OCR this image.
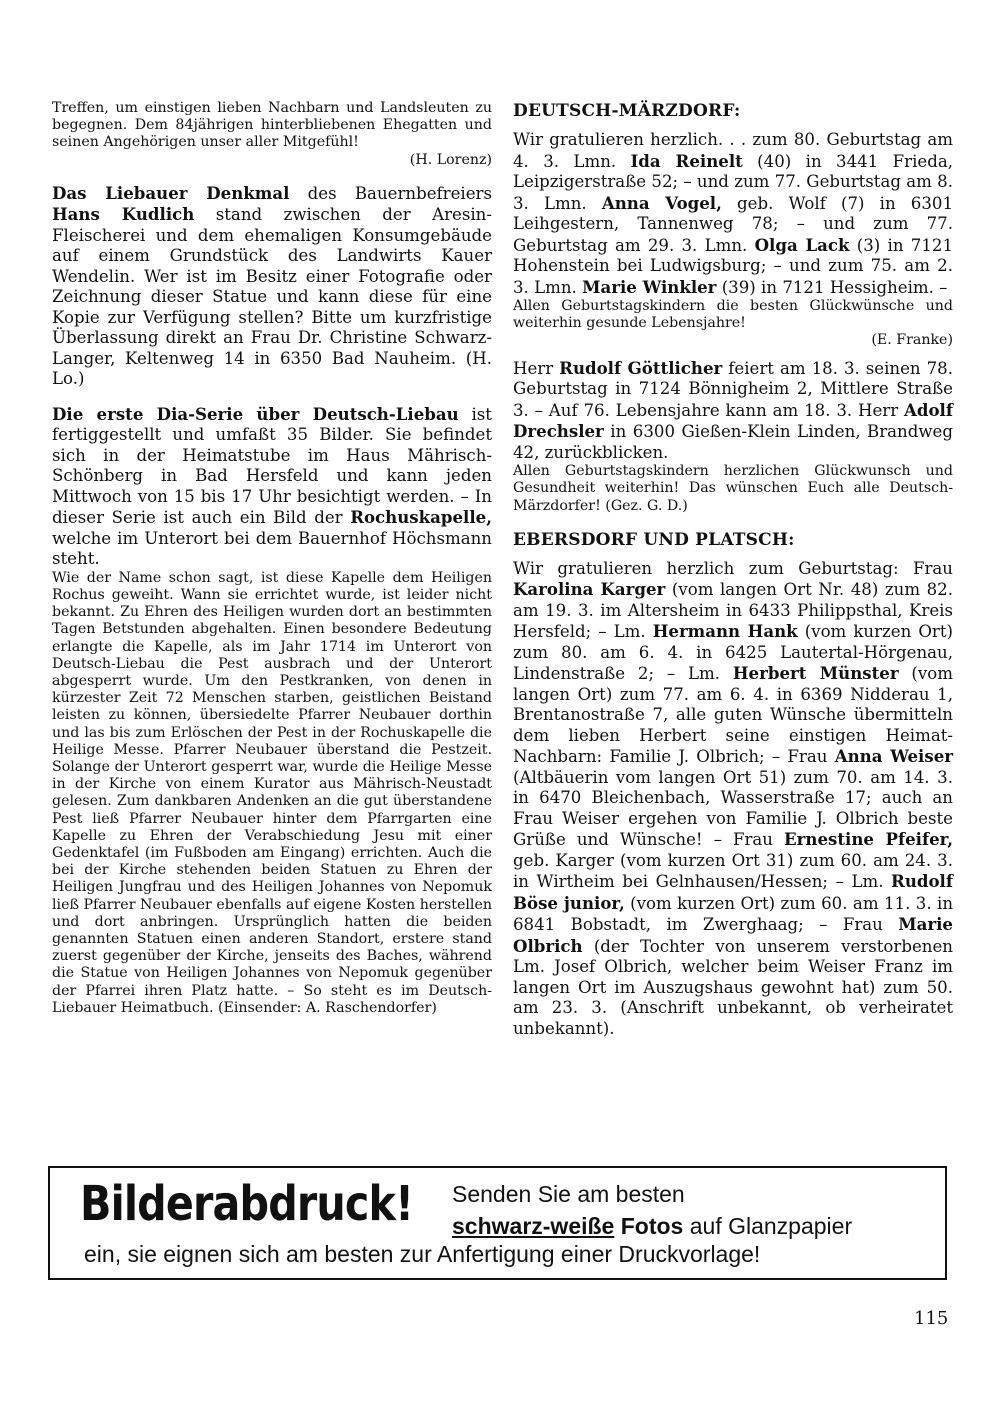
Treffen, um einstigen lieben Nachbarn und Landsleuten zu begegnen. Dem 84jährigen hinterbliebenen Ehegatten und seinen Angehörigen unser aller Mitgefühl!

(H. Lorenz)

Das Liebauer Denkmal des Bauernbefreiers Hans Kudlich stand zwischen der Aresin-Fleischerei und dem ehemaligen Konsumgebäude auf einem Grundstück des Landwirts Kauer Wendelin. Wer ist im Besitz einer Fotografie oder Zeichnung dieser Statue und kann diese für eine Kopie zur Verfügung stellen? Bitte um kurzfristige Überlassung direkt an Frau Dr. Christine Schwarz-Langer, Keltenweg 14 in 6350 Bad Nauheim. (H. Lo.)

Die erste Dia-Serie über Deutsch-Liebau ist fertiggestellt und umfaßt 35 Bilder. Sie befindet sich in der Heimatstube im Haus Mährisch-Schönberg in Bad Hersfeld und kann jeden Mittwoch von 15 bis 17 Uhr besichtigt werden. – In dieser Serie ist auch ein Bild der Rochuskapelle, welche im Unterort bei dem Bauernhof Höchsmann steht.

Wie der Name schon sagt, ist diese Kapelle dem Heiligen Rochus geweiht. Wann sie errichtet wurde, ist leider nicht bekannt. Zu Ehren des Heiligen wurden dort an bestimmten Tagen Betstunden abgehalten. Einen besondere Bedeutung erlangte die Kapelle, als im Jahr 1714 im Unterort von Deutsch-Liebau die Pest ausbrach und der Unterort abgesperrt wurde. Um den Pestkranken, von denen in kürzester Zeit 72 Menschen starben, geistlichen Beistand leisten zu können, übersiedelte Pfarrer Neubauer dorthin und las bis zum Erlöschen der Pest in der Rochuskapelle die Heilige Messe. Pfarrer Neubauer überstand die Pestzeit. Solange der Unterort gesperrt war, wurde die Heilige Messe in der Kirche von einem Kurator aus Mährisch-Neustadt gelesen. Zum dankbaren Andenken an die gut überstandene Pest ließ Pfarrer Neubauer hinter dem Pfarrgarten eine Kapelle zu Ehren der Verabschiedung Jesu mit einer Gedenktafel (im Fußboden am Eingang) errichten. Auch die bei der Kirche stehenden beiden Statuen zu Ehren der Heiligen Jungfrau und des Heiligen Johannes von Nepomuk ließ Pfarrer Neubauer ebenfalls auf eigene Kosten herstellen und dort anbringen. Ursprünglich hatten die beiden genannten Statuen einen anderen Standort, erstere stand zuerst gegenüber der Kirche, jenseits des Baches, während die Statue von Heiligen Johannes von Nepomuk gegenüber der Pfarrei ihren Platz hatte. – So steht es im Deutsch-Liebauer Heimatbuch. (Einsender: A. Raschendorfer)

DEUTSCH-MÄRZDORF:

Wir gratulieren herzlich. . . zum 80. Geburtstag am 4. 3. Lmn. Ida Reinelt (40) in 3441 Frieda, Leipzigerstraße 52; – und zum 77. Geburtstag am 8. 3. Lmn. Anna Vogel, geb. Wolf (7) in 6301 Leihgestern, Tannenweg 78; – und zum 77. Geburtstag am 29. 3. Lmn. Olga Lack (3) in 7121 Hohenstein bei Ludwigsburg; – und zum 75. am 2. 3. Lmn. Marie Winkler (39) in 7121 Hessigheim. –

Allen Geburtstagskindern die besten Glückwünsche und weiterhin gesunde Lebensjahre!

(E. Franke)

Herr Rudolf Göttlicher feiert am 18. 3. seinen 78. Geburtstag in 7124 Bönnigheim 2, Mittlere Straße 3. – Auf 76. Lebensjahre kann am 18. 3. Herr Adolf Drechsler in 6300 Gießen-Klein Linden, Brandweg 42, zurückblicken.

Allen Geburtstagskindern herzlichen Glückwunsch und Gesundheit weiterhin! Das wünschen Euch alle Deutsch-Märzdorfer! (Gez. G. D.)

EBERSDORF UND PLATSCH:

Wir gratulieren herzlich zum Geburtstag: Frau Karolina Karger (vom langen Ort Nr. 48) zum 82. am 19. 3. im Altersheim in 6433 Philippsthal, Kreis Hersfeld; – Lm. Hermann Hank (vom kurzen Ort) zum 80. am 6. 4. in 6425 Lautertal-Hörgenau, Lindenstraße 2; – Lm. Herbert Münster (vom langen Ort) zum 77. am 6. 4. in 6369 Nidderau 1, Brentanostraße 7, alle guten Wünsche übermitteln dem lieben Herbert seine einstigen Heimat-Nachbarn: Familie J. Olbrich; – Frau Anna Weiser (Altbäuerin vom langen Ort 51) zum 70. am 14. 3. in 6470 Bleichenbach, Wasserstraße 17; auch an Frau Weiser ergehen von Familie J. Olbrich beste Grüße und Wünsche! – Frau Ernestine Pfeifer, geb. Karger (vom kurzen Ort 31) zum 60. am 24. 3. in Wirtheim bei Gelnhausen/Hessen; – Lm. Rudolf Böse junior, (vom kurzen Ort) zum 60. am 11. 3. in 6841 Bobstadt, im Zwerghaag; – Frau Marie Olbrich (der Tochter von unserem verstorbenen Lm. Josef Olbrich, welcher beim Weiser Franz im langen Ort im Auszugshaus gewohnt hat) zum 50. am 23. 3. (Anschrift unbekannt, ob verheiratet unbekannt).

Bilderabdruck! Senden Sie am besten
schwarz-weiße Fotos auf Glanzpapier
ein, sie eignen sich am besten zur Anfertigung einer Druckvorlage!
115
